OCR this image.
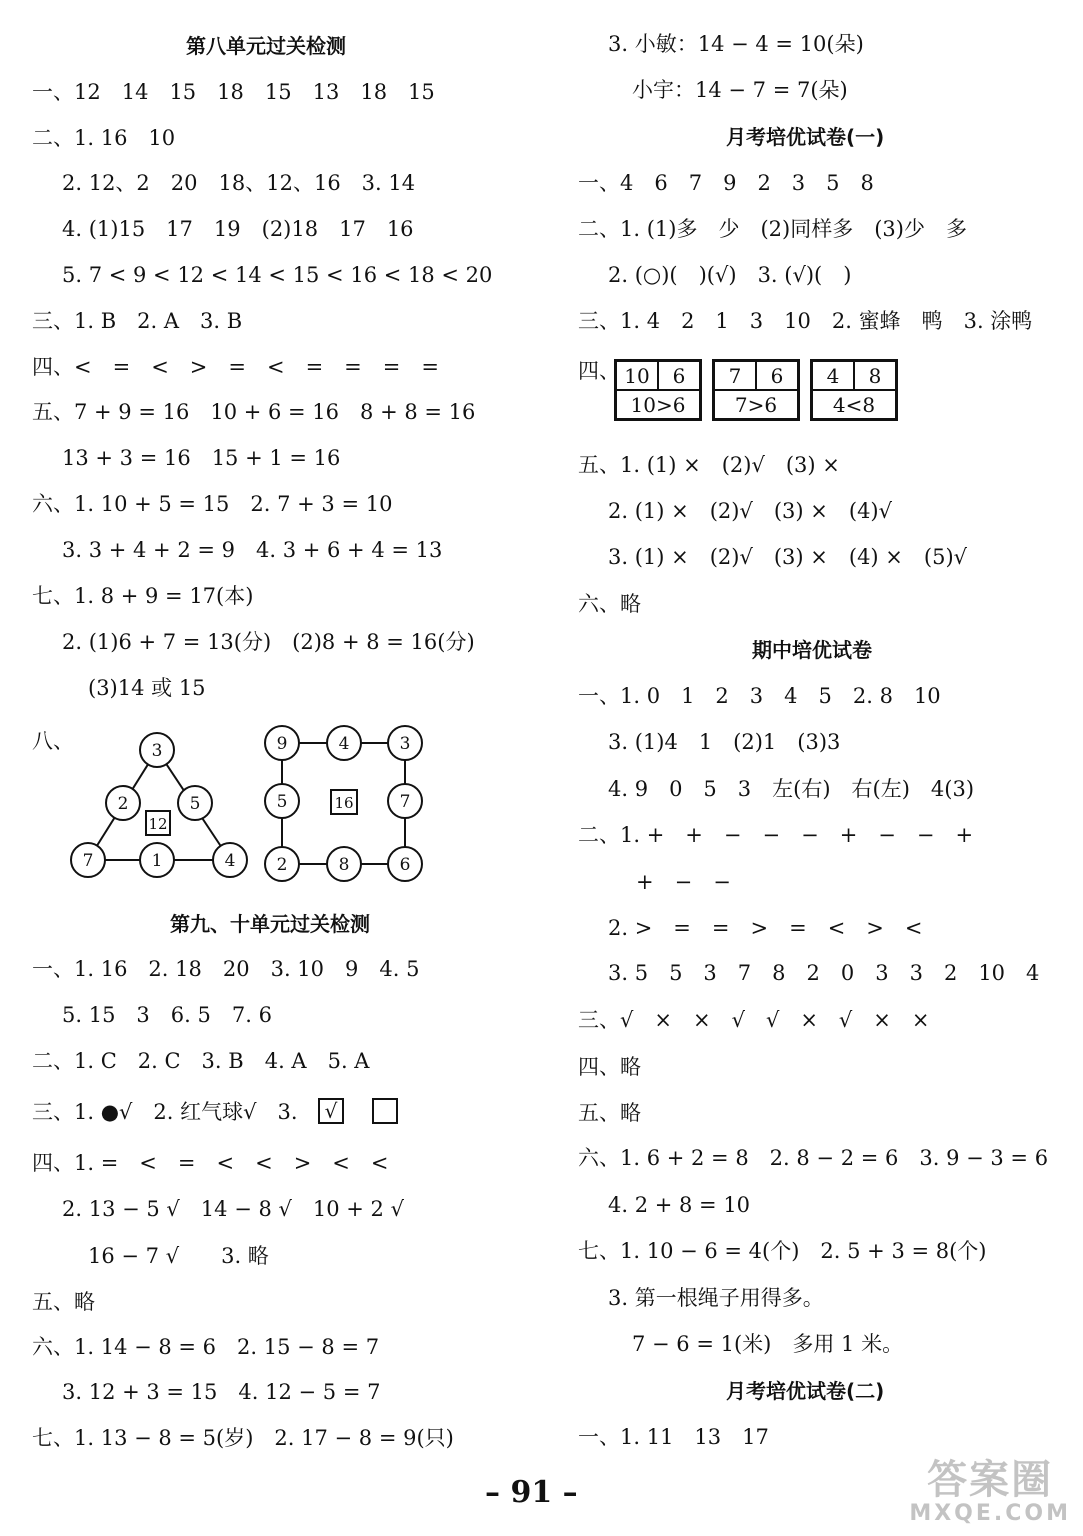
第八单元过关检测
一、12　14　15　18　15　13　18　15
二、1. 16　10
2. 12、2　20　18、12、16　3. 14
4. (1)15　17　19　(2)18　17　16
5. 7 < 9 < 12 < 14 < 15 < 16 < 18 < 20
三、1. B　2. A　3. B
四、<　=　<　>　=　<　=　=　=　=
五、7 + 9 = 16　10 + 6 = 16　8 + 8 = 16
13 + 3 = 16　15 + 1 = 16
六、1. 10 + 5 = 15　2. 7 + 3 = 10
3. 3 + 4 + 2 = 9　4. 3 + 6 + 4 = 13
七、1. 8 + 9 = 17(本)
2. (1)6 + 7 = 13(分)　(2)8 + 8 = 16(分)
(3)14 或 15
八、	3
2	5
7	1	4
12
9	4	3
5	7
2	8	6
16
第九、十单元过关检测
一、1. 16　2. 18　20　3. 10　9　4. 5
5. 15　3　6. 5　7. 6
二、1. C　2. C　3. B　4. A　5. A
三、1. ●√　2. 红气球√　3.	√
四、1. =　<　=　<　<　>　<　<
2. 13 − 5 √　14 − 8 √　10 + 2 √
16 − 7 √　　3. 略
五、略
六、1. 14 − 8 = 6　2. 15 − 8 = 7
3. 12 + 3 = 15　4. 12 − 5 = 7
七、1. 13 − 8 = 5(岁)　2. 17 − 8 = 9(只)
3. 小敏：14 − 4 = 10(朵)
小宇：14 − 7 = 7(朵)
月考培优试卷(一)
一、4　6　7　9　2　3　5　8
二、1. (1)多　少　(2)同样多　(3)少　多
2. (○)(　)(√)　3. (√)(　)
三、1. 4　2　1　3　10　2. 蜜蜂　鸭　3. 涂鸭
四、 10	6
10>6
7	6
7>6
4	8
4<8
五、1. (1) ×　(2)√　(3) ×
2. (1) ×　(2)√　(3) ×　(4)√
3. (1) ×　(2)√　(3) ×　(4) ×　(5)√
六、略
期中培优试卷
一、1. 0　1　2　3　4　5　2. 8　10
3. (1)4　1　(2)1　(3)3
4. 9　0　5　3　左(右)　右(左)　4(3)
二、1. +　+　−　−　−　+　−　−　+
+　−　−
2. >　=　=　>　=　<　>　<
3. 5　5　3　7　8　2　0　3　3　2　10　4
三、√　×　×　√　√　×　√　×　×
四、略
五、略
六、1. 6 + 2 = 8　2. 8 − 2 = 6　3. 9 − 3 = 6
4. 2 + 8 = 10
七、1. 10 − 6 = 4(个)　2. 5 + 3 = 8(个)
3. 第一根绳子用得多。
7 − 6 = 1(米)　多用 1 米。
月考培优试卷(二)
一、1. 11　13　17
– 91 –	答案圈
MXQE.COM
